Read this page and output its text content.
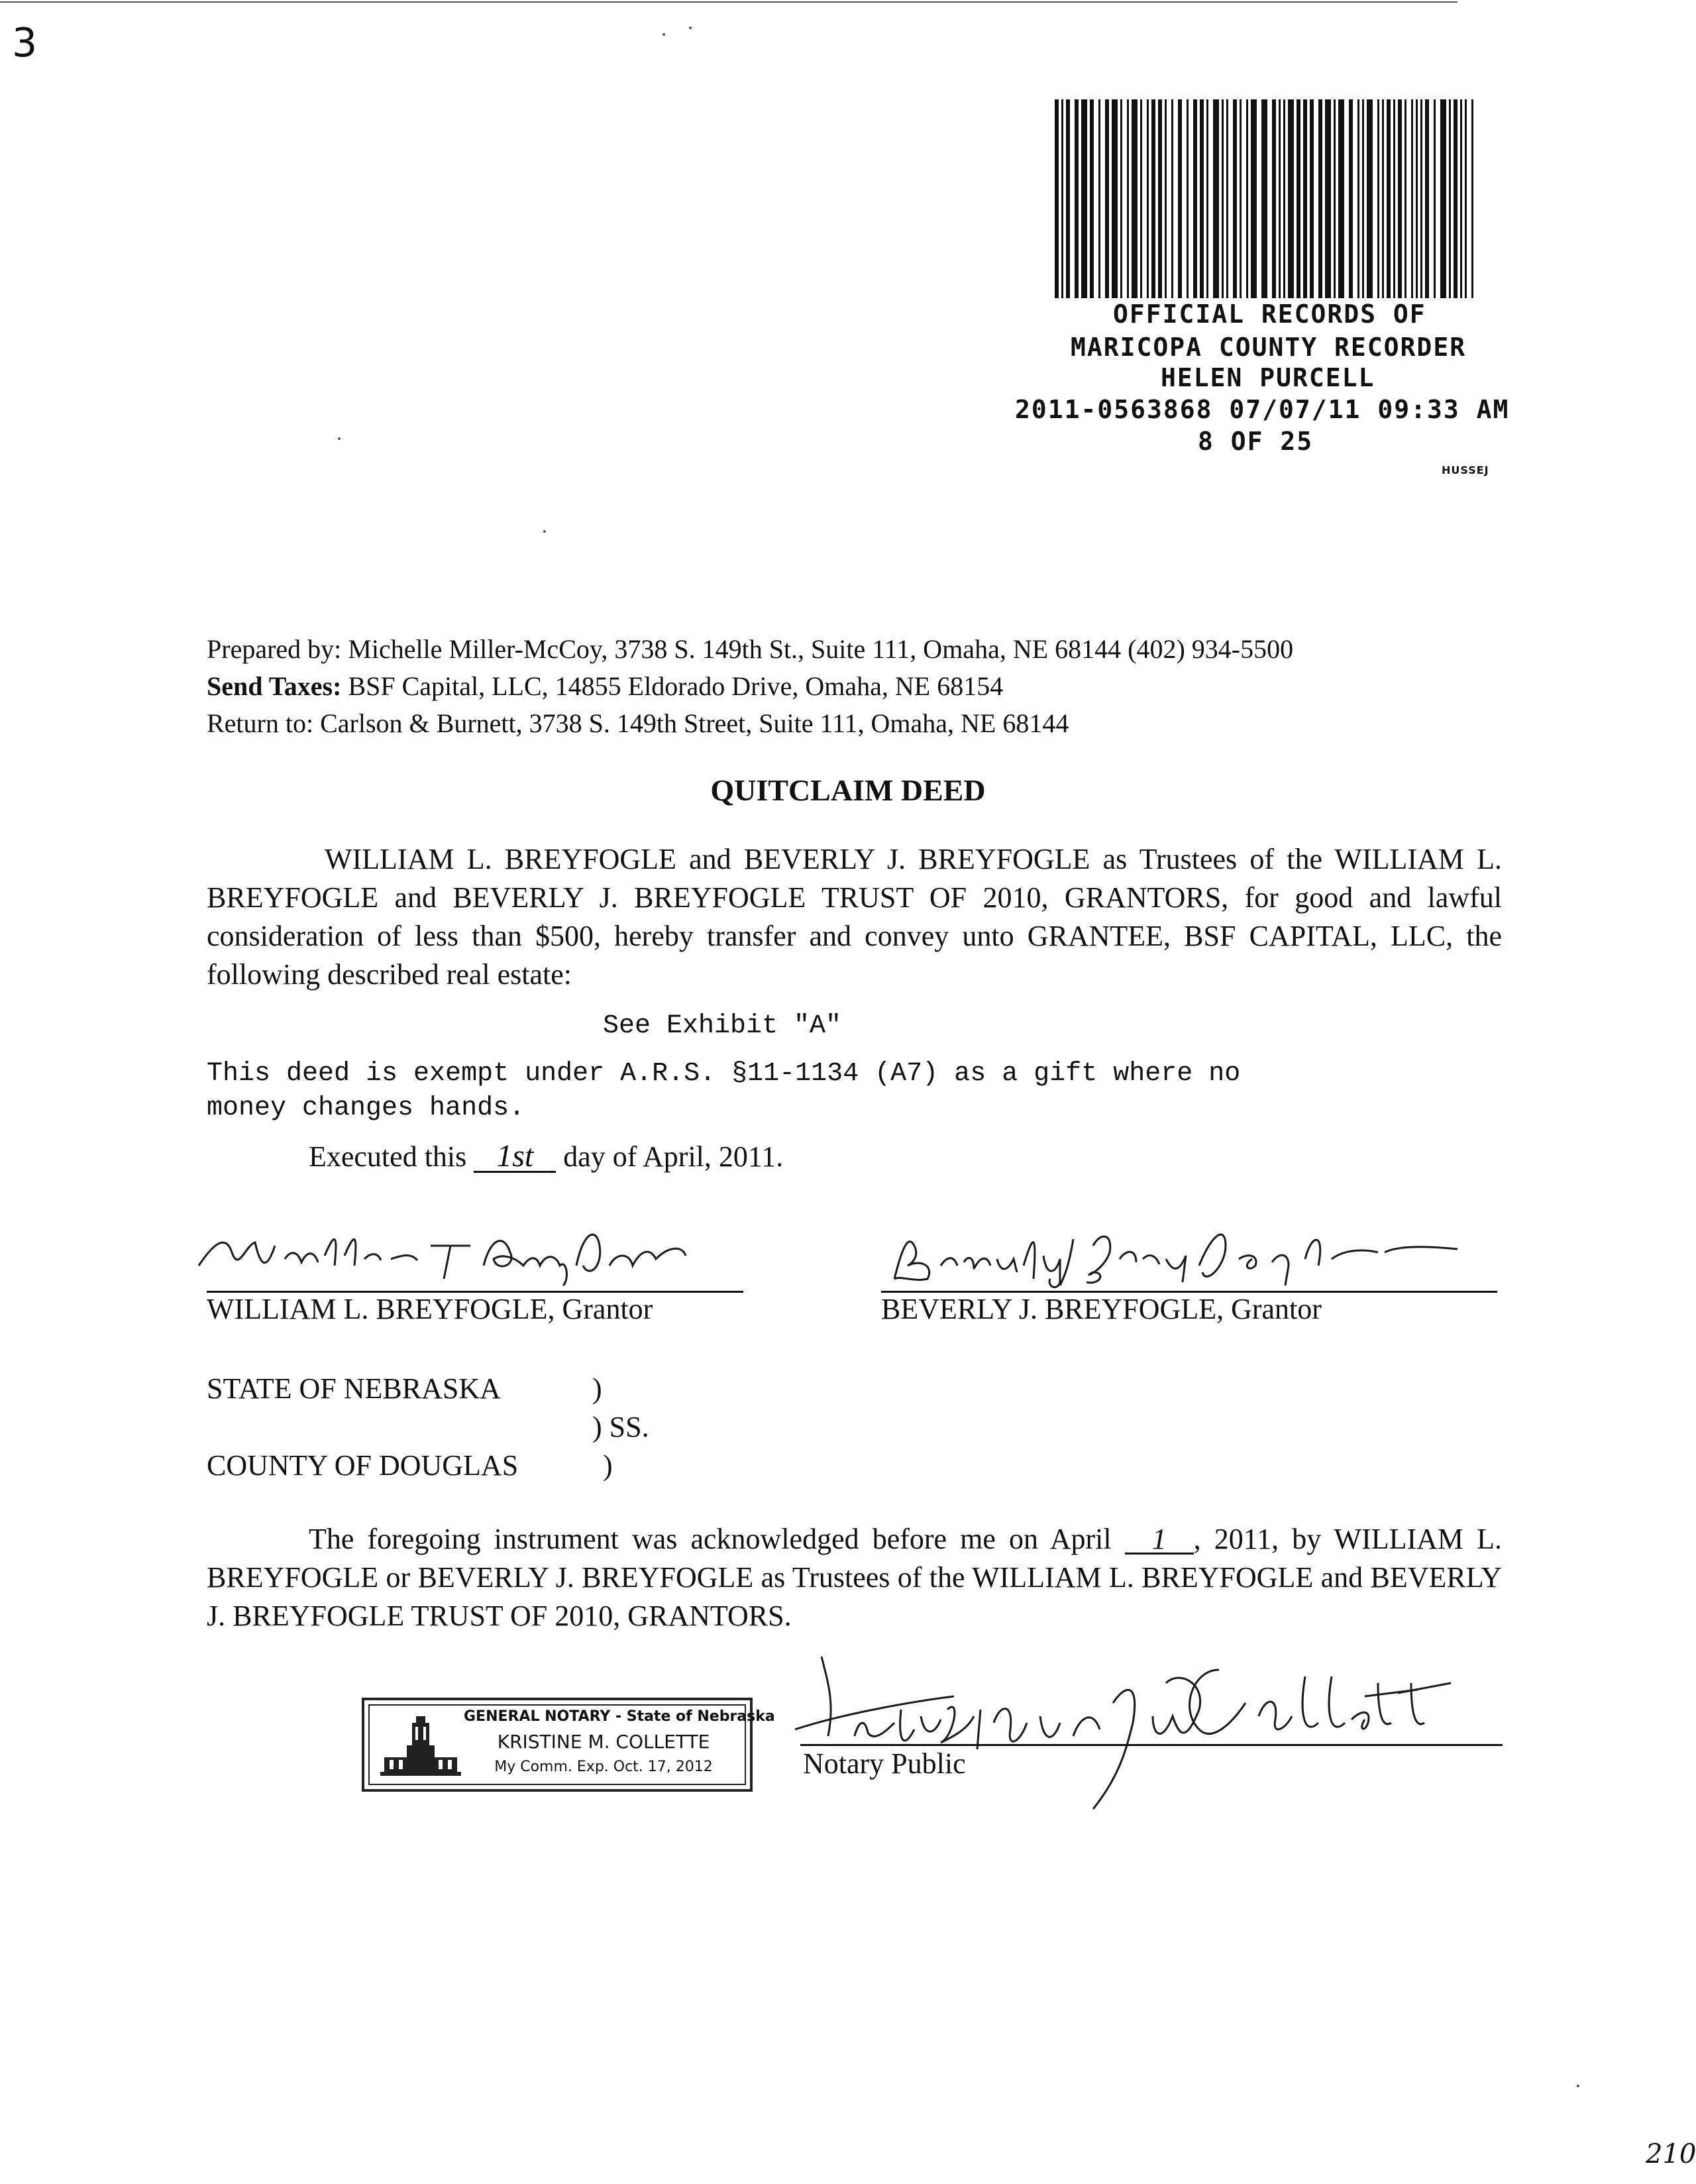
3
OFFICIAL RECORDS OF
MARICOPA COUNTY RECORDER
HELEN PURCELL
2011-0563868 07/07/11 09:33 AM
8 OF 25
HUSSEJ
Prepared by: Michelle Miller-McCoy, 3738 S. 149th St., Suite 111, Omaha, NE 68144 (402) 934-5500
Send Taxes: BSF Capital, LLC, 14855 Eldorado Drive, Omaha, NE 68154
Return to: Carlson & Burnett, 3738 S. 149th Street, Suite 111, Omaha, NE 68144
QUITCLAIM DEED
WILLIAM L. BREYFOGLE and BEVERLY J. BREYFOGLE as Trustees of the WILLIAM L. BREYFOGLE and BEVERLY J. BREYFOGLE TRUST OF 2010, GRANTORS, for good and lawful consideration of less than $500, hereby transfer and convey unto GRANTEE, BSF CAPITAL, LLC, the following described real estate:
See Exhibit "A"
This deed is exempt under A.R.S. §11-1134 (A7) as a gift where no
money changes hands.
Executed this 1st day of April, 2011.
WILLIAM L. BREYFOGLE, Grantor	BEVERLY J. BREYFOGLE, Grantor
STATE OF NEBRASKA	)
) SS.
COUNTY OF DOUGLAS	)
The foregoing instrument was acknowledged before me on April 1 , 2011, by WILLIAM L. BREYFOGLE or BEVERLY J. BREYFOGLE as Trustees of the WILLIAM L. BREYFOGLE and BEVERLY J. BREYFOGLE TRUST OF 2010, GRANTORS.
GENERAL NOTARY - State of Nebraska
KRISTINE M. COLLETTE
My Comm. Exp. Oct. 17, 2012	Notary Public
210
